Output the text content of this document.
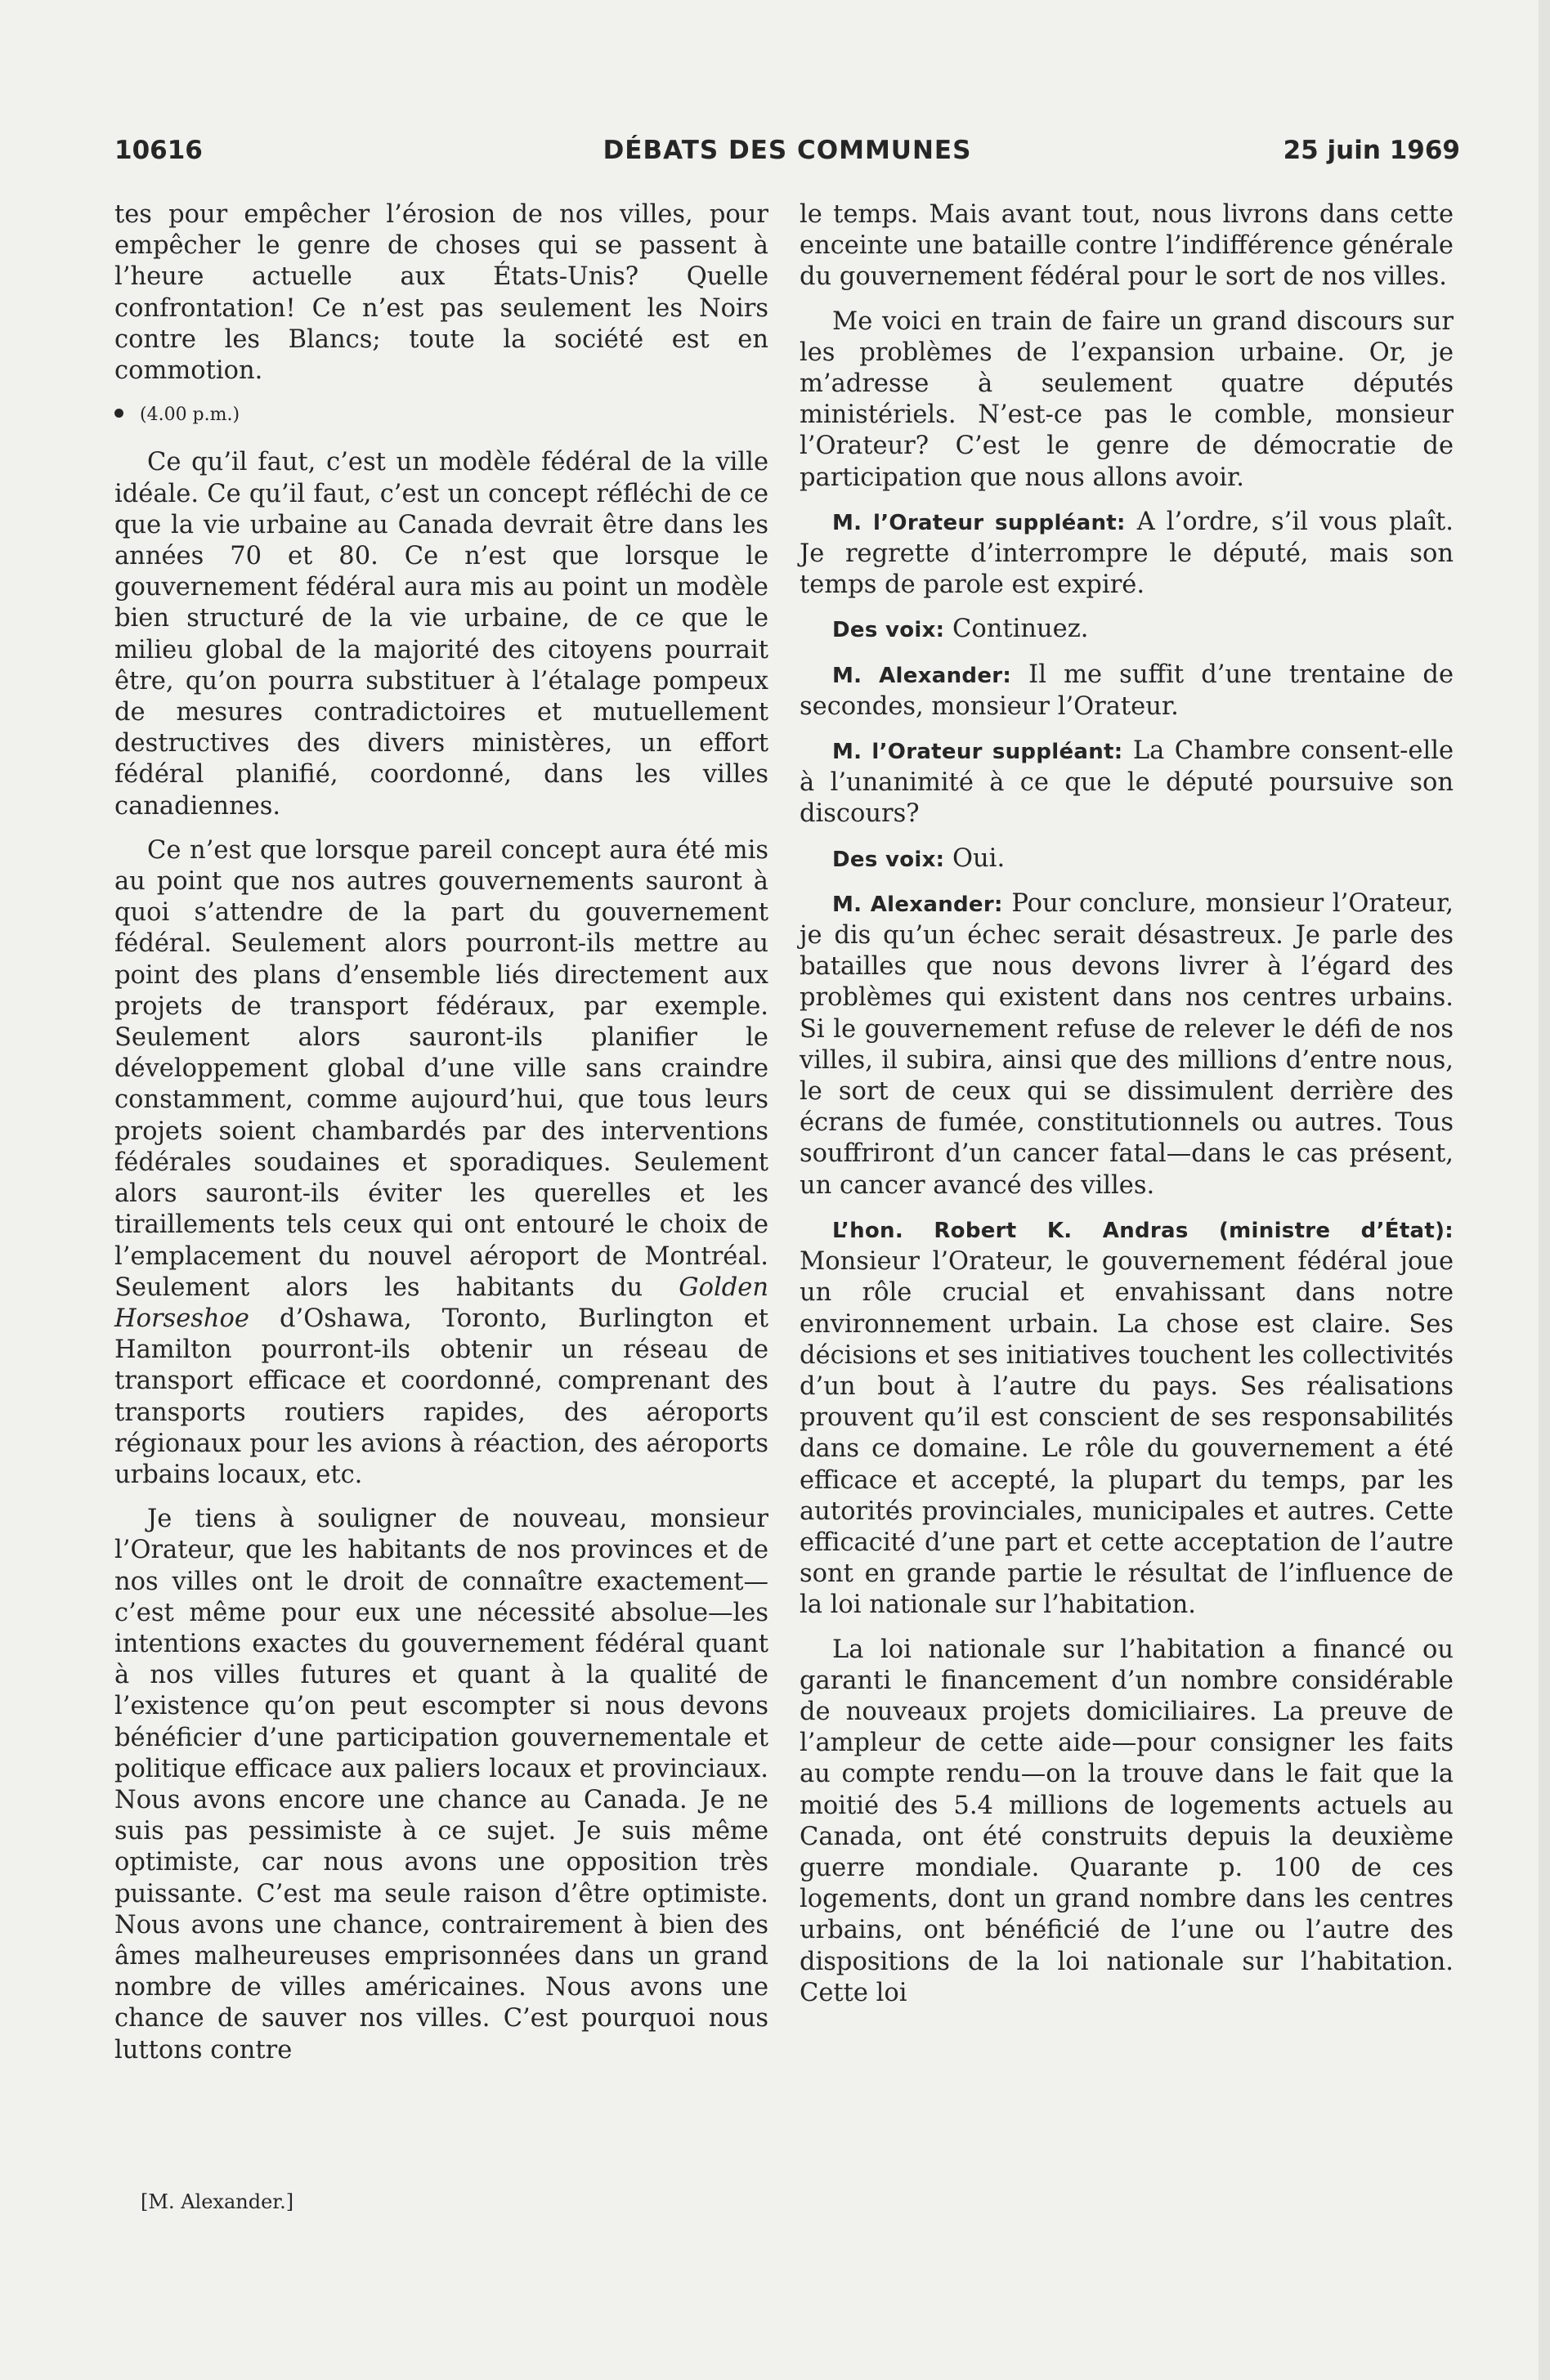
10616	DÉBATS DES COMMUNES	25 juin 1969

tes pour empêcher l’érosion de nos villes, pour empêcher le genre de choses qui se passent à l’heure actuelle aux États-Unis? Quelle confrontation! Ce n’est pas seulement les Noirs contre les Blancs; toute la société est en commotion.

(4.00 p.m.)

Ce qu’il faut, c’est un modèle fédéral de la ville idéale. Ce qu’il faut, c’est un concept réfléchi de ce que la vie urbaine au Canada devrait être dans les années 70 et 80. Ce n’est que lorsque le gouvernement fédéral aura mis au point un modèle bien structuré de la vie urbaine, de ce que le milieu global de la majorité des citoyens pourrait être, qu’on pourra substituer à l’étalage pompeux de mesures contradictoires et mutuellement destructives des divers ministères, un effort fédéral planifié, coordonné, dans les villes canadiennes.

Ce n’est que lorsque pareil concept aura été mis au point que nos autres gouvernements sauront à quoi s’attendre de la part du gouvernement fédéral. Seulement alors pourront-ils mettre au point des plans d’ensemble liés directement aux projets de transport fédéraux, par exemple. Seulement alors sauront-ils planifier le développement global d’une ville sans craindre constamment, comme aujourd’hui, que tous leurs projets soient chambardés par des interventions fédérales soudaines et sporadiques. Seulement alors sauront-ils éviter les querelles et les tiraillements tels ceux qui ont entouré le choix de l’emplacement du nouvel aéroport de Montréal. Seulement alors les habitants du Golden Horseshoe d’Oshawa, Toronto, Burlington et Hamilton pourront-ils obtenir un réseau de transport efficace et coordonné, comprenant des transports routiers rapides, des aéroports régionaux pour les avions à réaction, des aéroports urbains locaux, etc.

Je tiens à souligner de nouveau, monsieur l’Orateur, que les habitants de nos provinces et de nos villes ont le droit de connaître exactement—c’est même pour eux une nécessité absolue—les intentions exactes du gouvernement fédéral quant à nos villes futures et quant à la qualité de l’existence qu’on peut escompter si nous devons bénéficier d’une participation gouvernementale et politique efficace aux paliers locaux et provinciaux. Nous avons encore une chance au Canada. Je ne suis pas pessimiste à ce sujet. Je suis même optimiste, car nous avons une opposition très puissante. C’est ma seule raison d’être optimiste. Nous avons une chance, contrairement à bien des âmes malheureuses emprisonnées dans un grand nombre de villes américaines. Nous avons une chance de sauver nos villes. C’est pourquoi nous luttons contre

[M. Alexander.]

le temps. Mais avant tout, nous livrons dans cette enceinte une bataille contre l’indifférence générale du gouvernement fédéral pour le sort de nos villes.

Me voici en train de faire un grand discours sur les problèmes de l’expansion urbaine. Or, je m’adresse à seulement quatre députés ministériels. N’est-ce pas le comble, monsieur l’Orateur? C’est le genre de démocratie de participation que nous allons avoir.

M. l’Orateur suppléant: A l’ordre, s’il vous plaît. Je regrette d’interrompre le député, mais son temps de parole est expiré.

Des voix: Continuez.

M. Alexander: Il me suffit d’une trentaine de secondes, monsieur l’Orateur.

M. l’Orateur suppléant: La Chambre consent-elle à l’unanimité à ce que le député poursuive son discours?

Des voix: Oui.

M. Alexander: Pour conclure, monsieur l’Orateur, je dis qu’un échec serait désastreux. Je parle des batailles que nous devons livrer à l’égard des problèmes qui existent dans nos centres urbains. Si le gouvernement refuse de relever le défi de nos villes, il subira, ainsi que des millions d’entre nous, le sort de ceux qui se dissimulent derrière des écrans de fumée, constitutionnels ou autres. Tous souffriront d’un cancer fatal—dans le cas présent, un cancer avancé des villes.

L’hon. Robert K. Andras (ministre d’État): Monsieur l’Orateur, le gouvernement fédéral joue un rôle crucial et envahissant dans notre environnement urbain. La chose est claire. Ses décisions et ses initiatives touchent les collectivités d’un bout à l’autre du pays. Ses réalisations prouvent qu’il est conscient de ses responsabilités dans ce domaine. Le rôle du gouvernement a été efficace et accepté, la plupart du temps, par les autorités provinciales, municipales et autres. Cette efficacité d’une part et cette acceptation de l’autre sont en grande partie le résultat de l’influence de la loi nationale sur l’habitation.

La loi nationale sur l’habitation a financé ou garanti le financement d’un nombre considérable de nouveaux projets domiciliaires. La preuve de l’ampleur de cette aide—pour consigner les faits au compte rendu—on la trouve dans le fait que la moitié des 5.4 millions de logements actuels au Canada, ont été construits depuis la deuxième guerre mondiale. Quarante p. 100 de ces logements, dont un grand nombre dans les centres urbains, ont bénéficié de l’une ou l’autre des dispositions de la loi nationale sur l’habitation. Cette loi
